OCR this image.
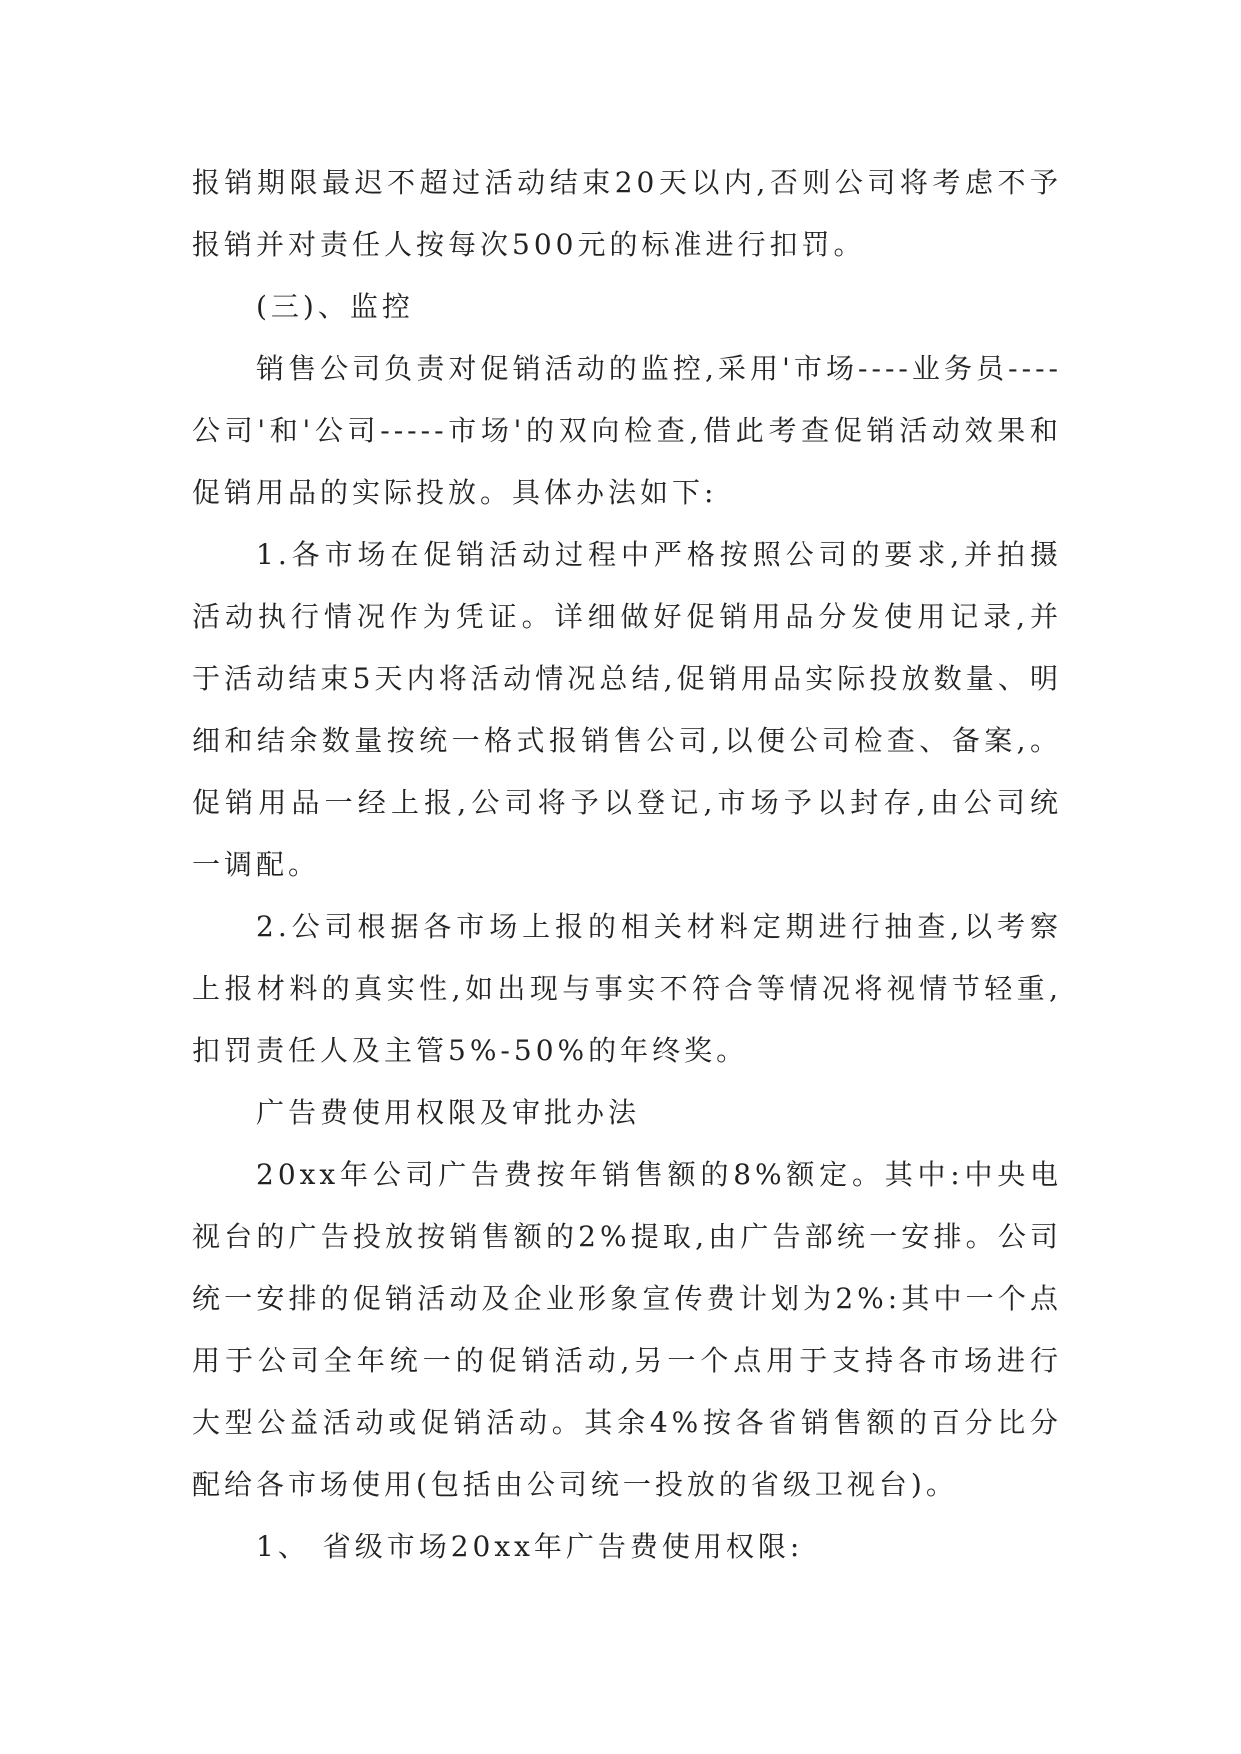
报销期限最迟不超过活动结束20天以内,否则公司将考虑不予报销并对责任人按每次500元的标准进行扣罚。

(三)、监控

销售公司负责对促销活动的监控,采用'市场----业务员----公司'和'公司-----市场'的双向检查,借此考查促销活动效果和促销用品的实际投放。具体办法如下:

1.各市场在促销活动过程中严格按照公司的要求,并拍摄活动执行情况作为凭证。详细做好促销用品分发使用记录,并于活动结束5天内将活动情况总结,促销用品实际投放数量、明细和结余数量按统一格式报销售公司,以便公司检查、备案,。促销用品一经上报,公司将予以登记,市场予以封存,由公司统一调配。

2.公司根据各市场上报的相关材料定期进行抽查,以考察上报材料的真实性,如出现与事实不符合等情况将视情节轻重,扣罚责任人及主管5%-50%的年终奖。

广告费使用权限及审批办法

20xx年公司广告费按年销售额的8%额定。其中:中央电视台的广告投放按销售额的2%提取,由广告部统一安排。公司统一安排的促销活动及企业形象宣传费计划为2%:其中一个点用于公司全年统一的促销活动,另一个点用于支持各市场进行大型公益活动或促销活动。其余4%按各省销售额的百分比分配给各市场使用(包括由公司统一投放的省级卫视台)。

1、 省级市场20xx年广告费使用权限:
